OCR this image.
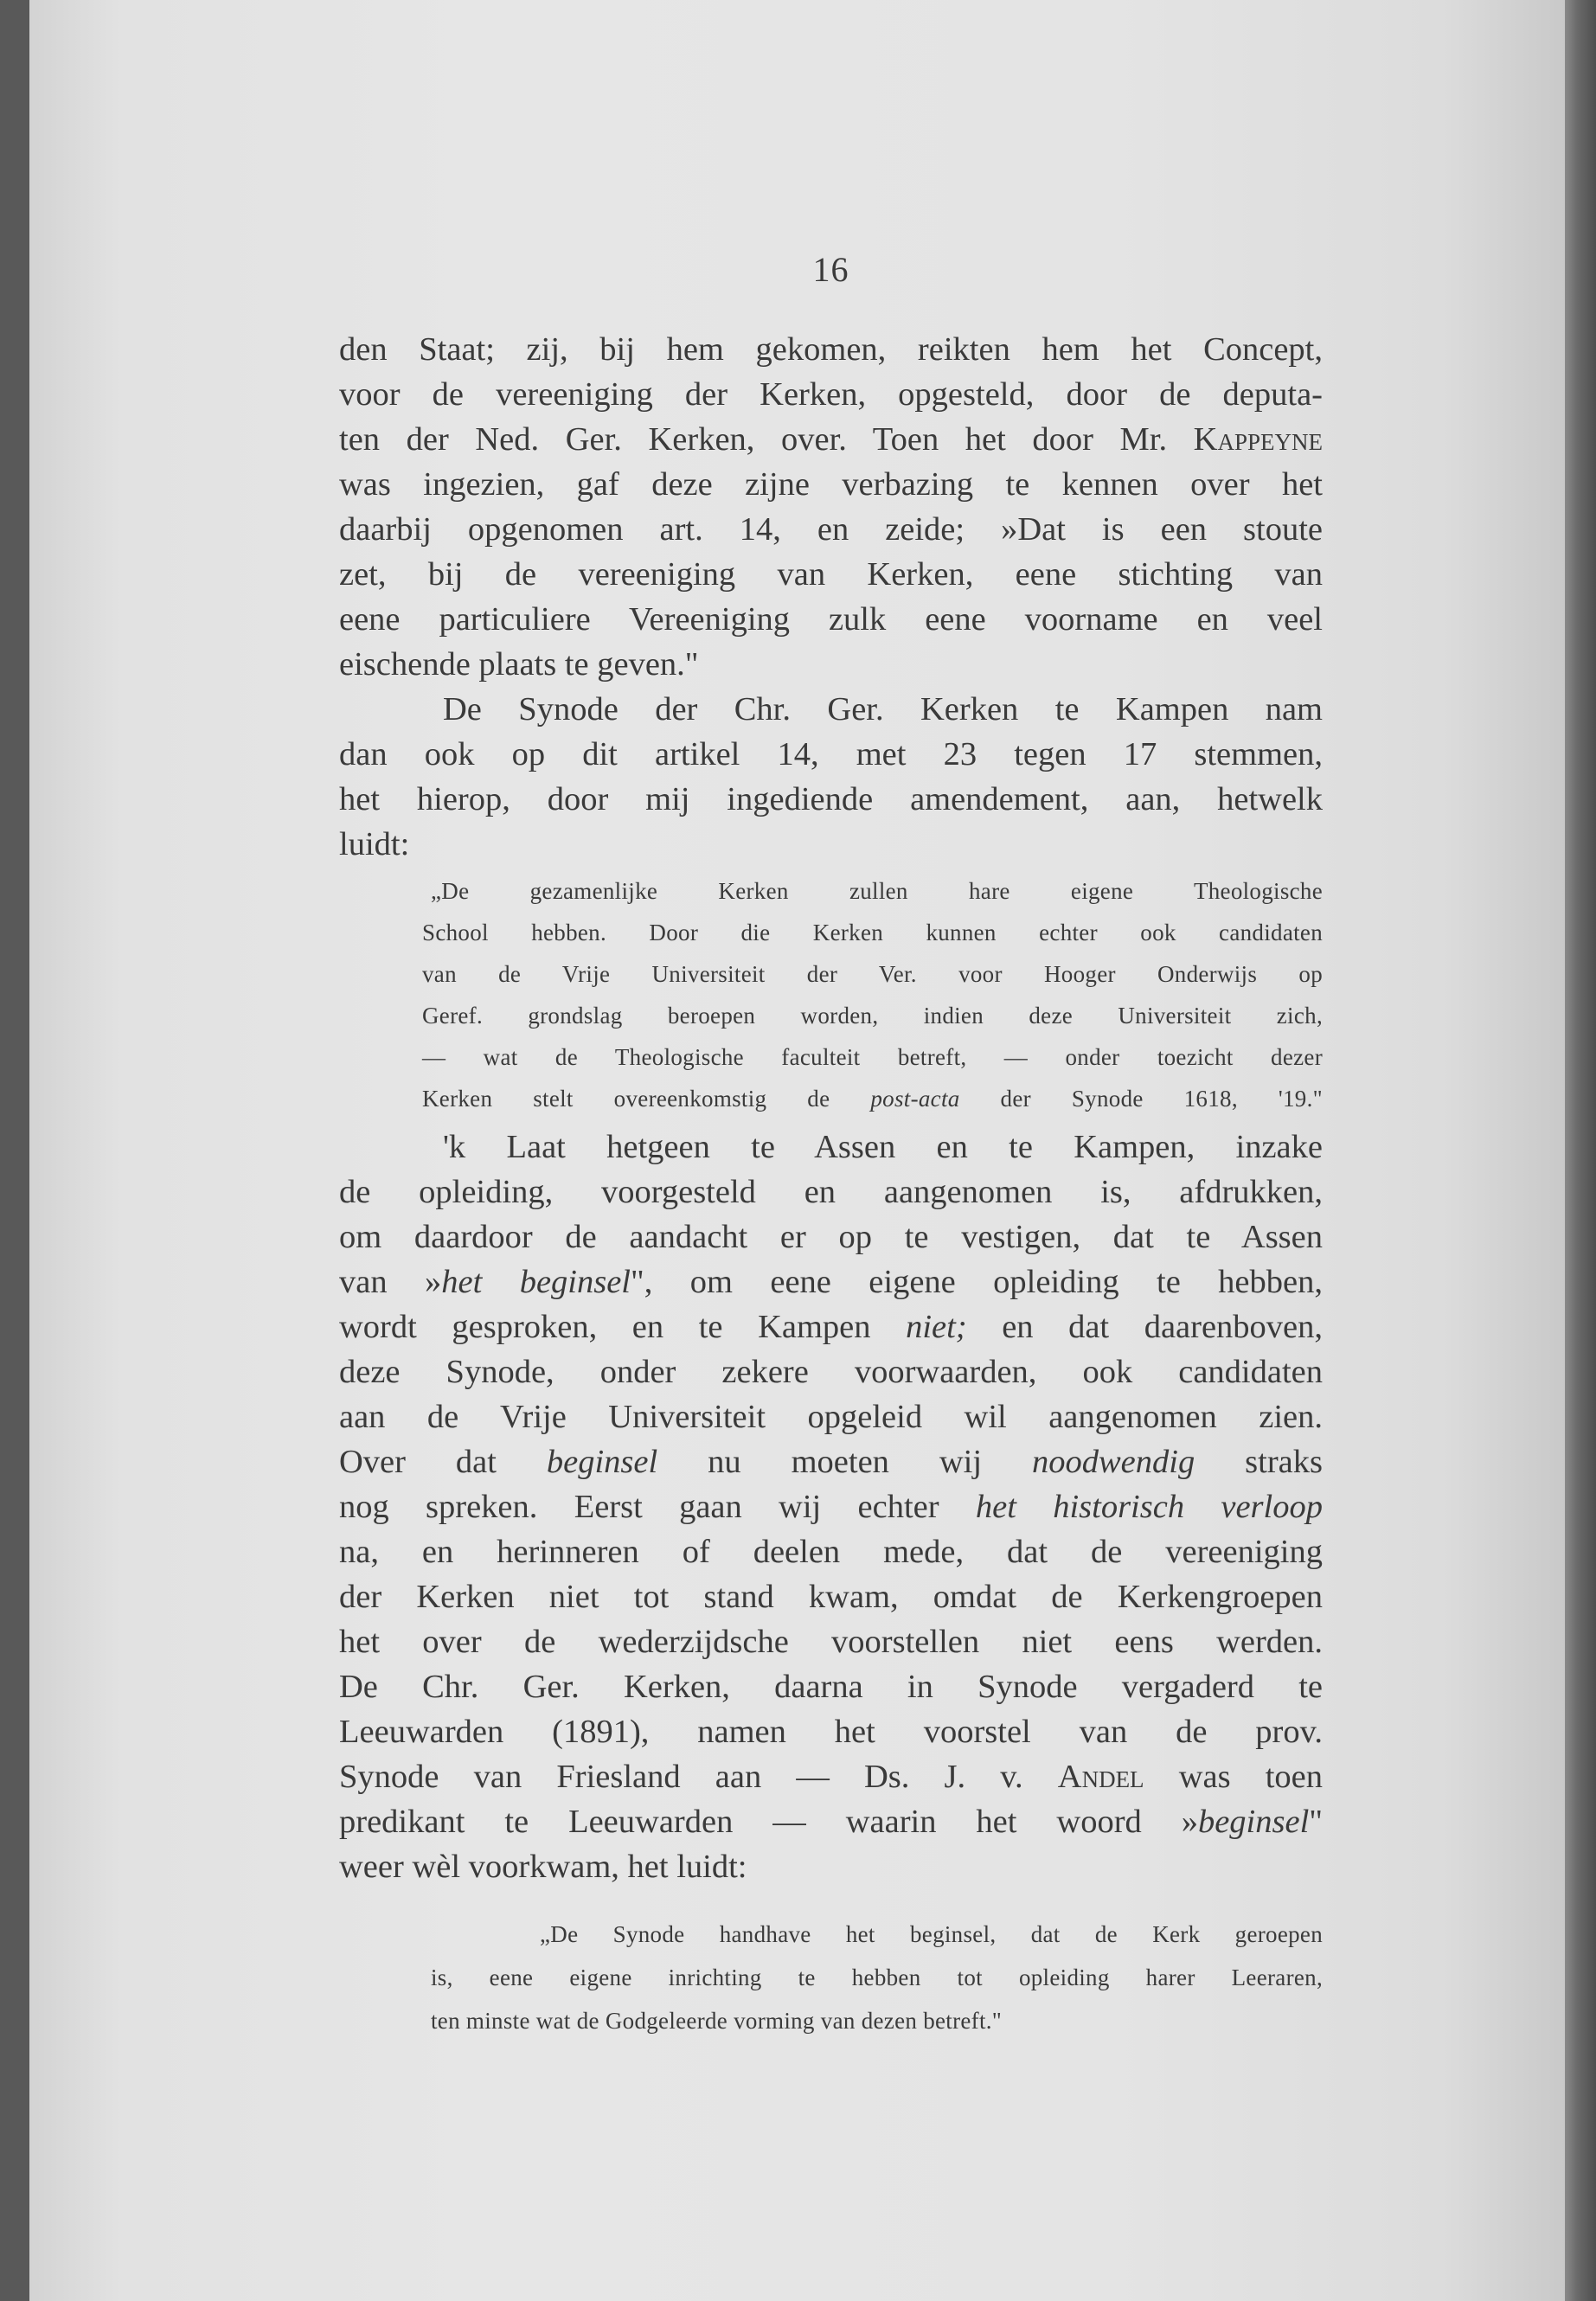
16
den Staat; zij, bij hem gekomen, reikten hem het Concept,
voor de vereeniging der Kerken, opgesteld, door de deputa-
ten der Ned. Ger. Kerken, over. Toen het door Mr. Kappeyne
was ingezien, gaf deze zijne verbazing te kennen over het
daarbij opgenomen art. 14, en zeide; »Dat is een stoute
zet, bij de vereeniging van Kerken, eene stichting van
eene particuliere Vereeniging zulk eene voorname en veel
eischende plaats te geven."
De Synode der Chr. Ger. Kerken te Kampen nam
dan ook op dit artikel 14, met 23 tegen 17 stemmen,
het hierop, door mij ingediende amendement, aan, hetwelk
luidt:
„De gezamenlijke Kerken zullen hare eigene Theologische
School hebben. Door die Kerken kunnen echter ook candidaten
van de Vrije Universiteit der Ver. voor Hooger Onderwijs op
Geref. grondslag beroepen worden, indien deze Universiteit zich,
— wat de Theologische faculteit betreft, — onder toezicht dezer
Kerken stelt overeenkomstig de post-acta der Synode 1618, '19."
'k Laat hetgeen te Assen en te Kampen, inzake
de opleiding, voorgesteld en aangenomen is, afdrukken,
om daardoor de aandacht er op te vestigen, dat te Assen
van »het beginsel", om eene eigene opleiding te hebben,
wordt gesproken, en te Kampen niet; en dat daarenboven,
deze Synode, onder zekere voorwaarden, ook candidaten
aan de Vrije Universiteit opgeleid wil aangenomen zien.
Over dat beginsel nu moeten wij noodwendig straks
nog spreken. Eerst gaan wij echter het historisch verloop
na, en herinneren of deelen mede, dat de vereeniging
der Kerken niet tot stand kwam, omdat de Kerkengroepen
het over de wederzijdsche voorstellen niet eens werden.
De Chr. Ger. Kerken, daarna in Synode vergaderd te
Leeuwarden (1891), namen het voorstel van de prov.
Synode van Friesland aan — Ds. J. v. Andel was toen
predikant te Leeuwarden — waarin het woord »beginsel"
weer wèl voorkwam, het luidt:
„De Synode handhave het beginsel, dat de Kerk geroepen
is, eene eigene inrichting te hebben tot opleiding harer Leeraren,
ten minste wat de Godgeleerde vorming van dezen betreft."
